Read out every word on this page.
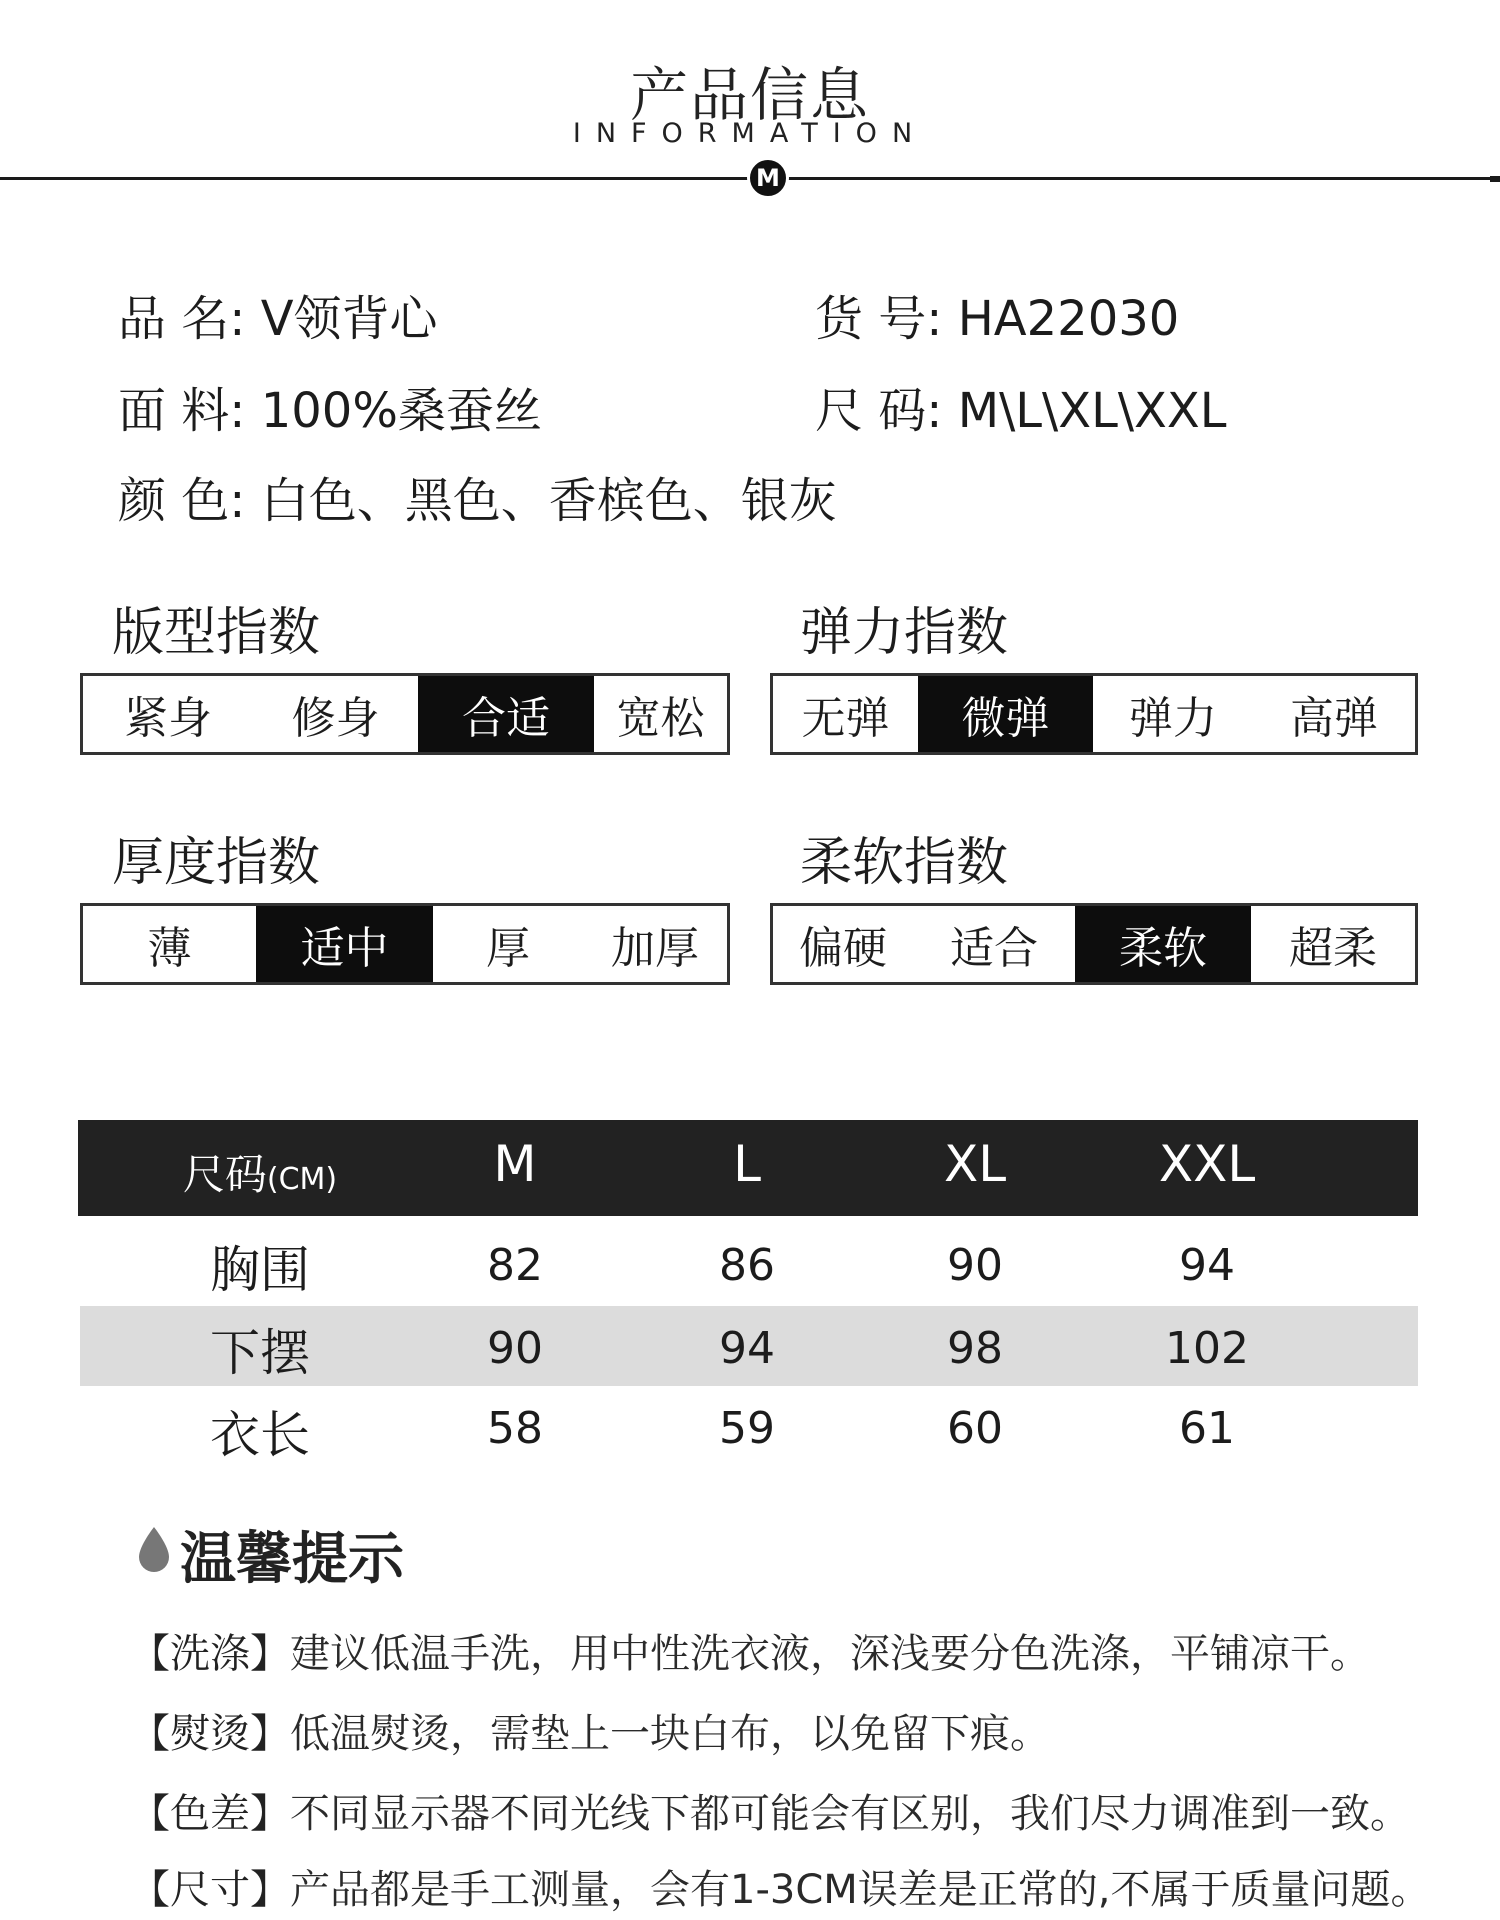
产品信息
INFORMATION
M
品 名: V领背心	货 号: HA22030
面 料: 100%桑蚕丝	尺 码: M\L\XL\XXL
颜 色: 白色、黑色、香槟色、银灰
版型指数
紧身	修身	合适	宽松
弹力指数
无弹	微弹	弹力	高弹
厚度指数
薄	适中	厚	加厚
柔软指数
偏硬	适合	柔软	超柔
尺码(CM)	M	L	XL	XXL
胸围	82	86	90	94
下摆	90	94	98	102
衣长	58	59	60	61
温馨提示
【洗涤】建议低温手洗，用中性洗衣液，深浅要分色洗涤，平铺凉干。
【熨烫】低温熨烫，需垫上一块白布，以免留下痕。
【色差】不同显示器不同光线下都可能会有区别，我们尽力调准到一致。
【尺寸】产品都是手工测量，会有1-3CM误差是正常的,不属于质量问题。
